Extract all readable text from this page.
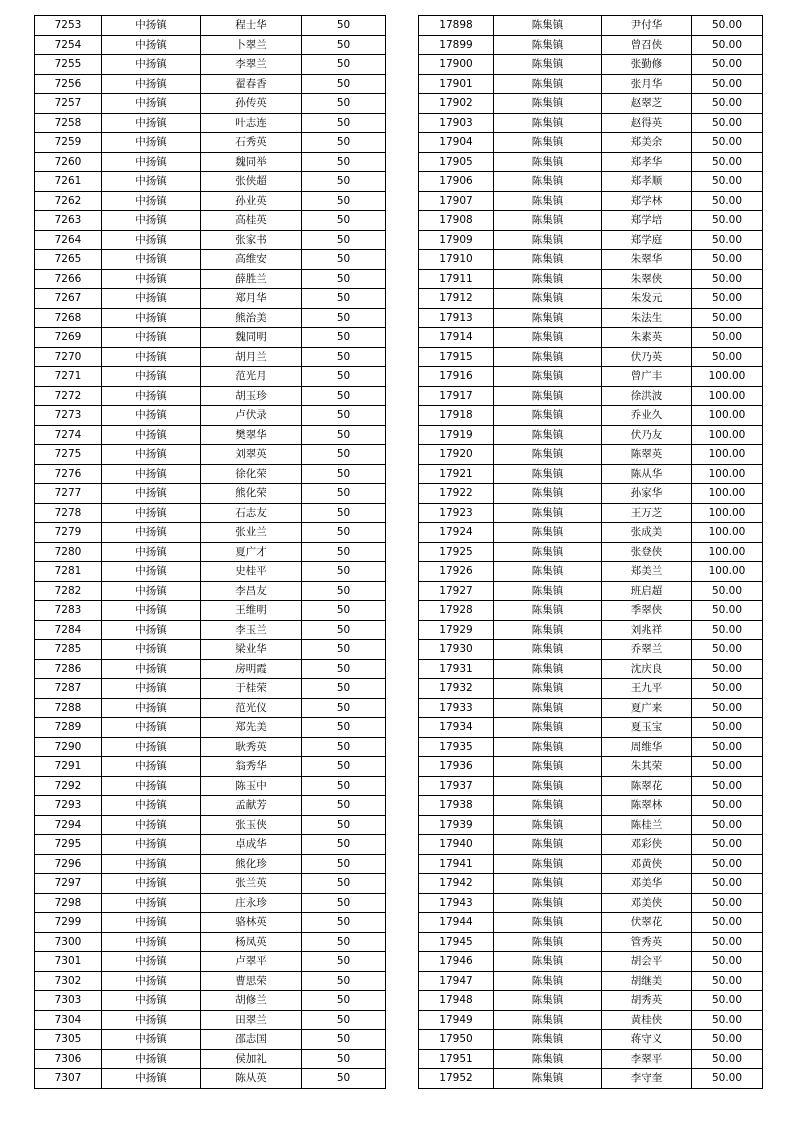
7253	中扬镇	程士华	50
7254	中扬镇	卜翠兰	50
7255	中扬镇	李翠兰	50
7256	中扬镇	翟春香	50
7257	中扬镇	孙传英	50
7258	中扬镇	叶志连	50
7259	中扬镇	石秀英	50
7260	中扬镇	魏同举	50
7261	中扬镇	张侠超	50
7262	中扬镇	孙业英	50
7263	中扬镇	高桂英	50
7264	中扬镇	张家书	50
7265	中扬镇	高维安	50
7266	中扬镇	薛胜兰	50
7267	中扬镇	郑月华	50
7268	中扬镇	熊治美	50
7269	中扬镇	魏同明	50
7270	中扬镇	胡月兰	50
7271	中扬镇	范光月	50
7272	中扬镇	胡玉珍	50
7273	中扬镇	卢伏录	50
7274	中扬镇	樊翠华	50
7275	中扬镇	刘翠英	50
7276	中扬镇	徐化荣	50
7277	中扬镇	熊化荣	50
7278	中扬镇	石志友	50
7279	中扬镇	张业兰	50
7280	中扬镇	夏广才	50
7281	中扬镇	史桂平	50
7282	中扬镇	李昌友	50
7283	中扬镇	王维明	50
7284	中扬镇	李玉兰	50
7285	中扬镇	梁业华	50
7286	中扬镇	房明霞	50
7287	中扬镇	于桂荣	50
7288	中扬镇	范光仪	50
7289	中扬镇	郑先美	50
7290	中扬镇	耿秀英	50
7291	中扬镇	翁秀华	50
7292	中扬镇	陈玉中	50
7293	中扬镇	孟献芳	50
7294	中扬镇	张玉侠	50
7295	中扬镇	卓成华	50
7296	中扬镇	熊化珍	50
7297	中扬镇	张兰英	50
7298	中扬镇	庄永珍	50
7299	中扬镇	骆林英	50
7300	中扬镇	杨凤英	50
7301	中扬镇	卢翠平	50
7302	中扬镇	曹思荣	50
7303	中扬镇	胡修兰	50
7304	中扬镇	田翠兰	50
7305	中扬镇	邵志国	50
7306	中扬镇	侯加礼	50
7307	中扬镇	陈从英	50
17898	陈集镇	尹付华	50.00
17899	陈集镇	曾召侠	50.00
17900	陈集镇	张勤修	50.00
17901	陈集镇	张月华	50.00
17902	陈集镇	赵翠芝	50.00
17903	陈集镇	赵得英	50.00
17904	陈集镇	郑美余	50.00
17905	陈集镇	郑孝华	50.00
17906	陈集镇	郑孝顺	50.00
17907	陈集镇	郑学林	50.00
17908	陈集镇	郑学培	50.00
17909	陈集镇	郑学庭	50.00
17910	陈集镇	朱翠华	50.00
17911	陈集镇	朱翠侠	50.00
17912	陈集镇	朱发元	50.00
17913	陈集镇	朱法生	50.00
17914	陈集镇	朱素英	50.00
17915	陈集镇	伏乃英	50.00
17916	陈集镇	曾广丰	100.00
17917	陈集镇	徐洪波	100.00
17918	陈集镇	乔业久	100.00
17919	陈集镇	伏乃友	100.00
17920	陈集镇	陈翠英	100.00
17921	陈集镇	陈从华	100.00
17922	陈集镇	孙家华	100.00
17923	陈集镇	王万芝	100.00
17924	陈集镇	张成美	100.00
17925	陈集镇	张登侠	100.00
17926	陈集镇	郑美兰	100.00
17927	陈集镇	班启超	50.00
17928	陈集镇	季翠侠	50.00
17929	陈集镇	刘兆祥	50.00
17930	陈集镇	乔翠兰	50.00
17931	陈集镇	沈庆良	50.00
17932	陈集镇	王九平	50.00
17933	陈集镇	夏广来	50.00
17934	陈集镇	夏玉宝	50.00
17935	陈集镇	周维华	50.00
17936	陈集镇	朱其荣	50.00
17937	陈集镇	陈翠花	50.00
17938	陈集镇	陈翠林	50.00
17939	陈集镇	陈桂兰	50.00
17940	陈集镇	邓彩侠	50.00
17941	陈集镇	邓黄侠	50.00
17942	陈集镇	邓美华	50.00
17943	陈集镇	邓美侠	50.00
17944	陈集镇	伏翠花	50.00
17945	陈集镇	管秀英	50.00
17946	陈集镇	胡会平	50.00
17947	陈集镇	胡继美	50.00
17948	陈集镇	胡秀英	50.00
17949	陈集镇	黄桂侠	50.00
17950	陈集镇	蒋守义	50.00
17951	陈集镇	李翠平	50.00
17952	陈集镇	李守奎	50.00
